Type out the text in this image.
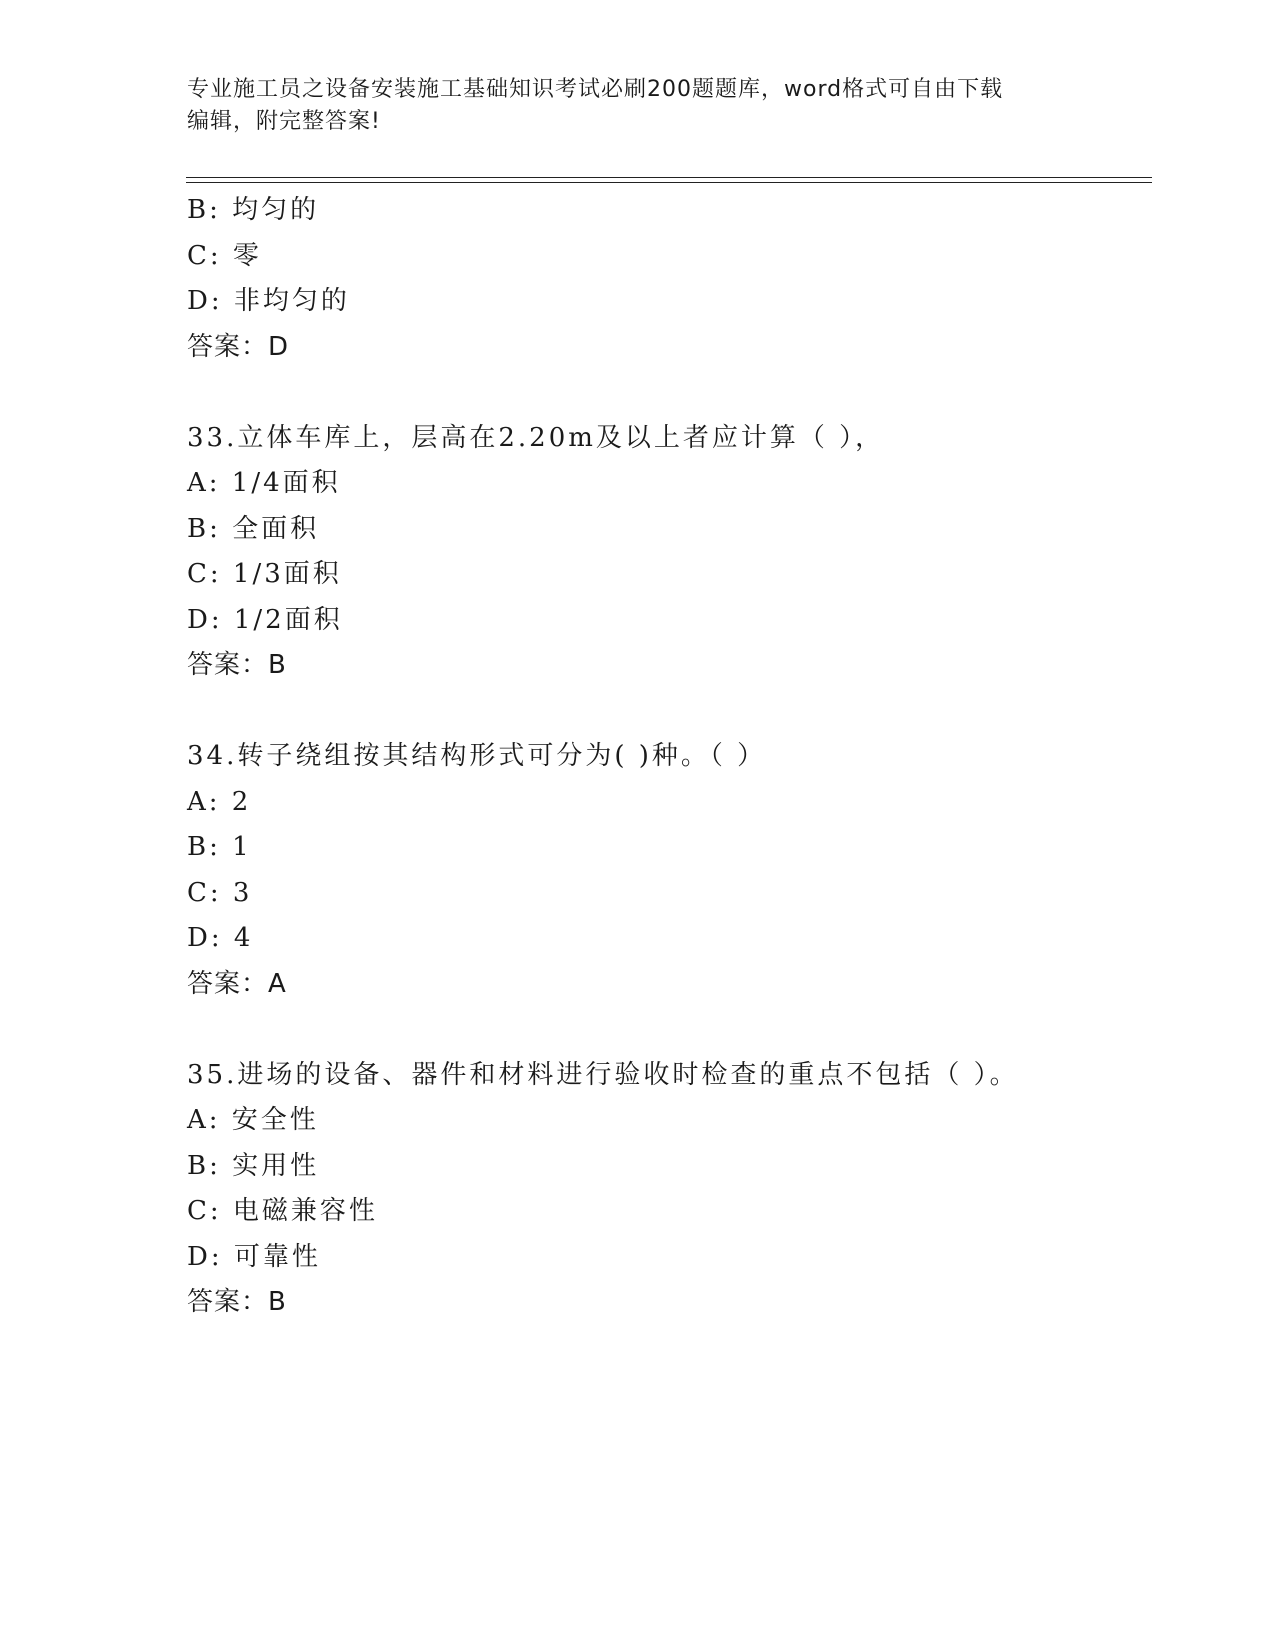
专业施工员之设备安装施工基础知识考试必刷200题题库，word格式可自由下载
编辑，附完整答案!
B: 均匀的
C: 零
D: 非均匀的
答案：D
33.立体车库上，层高在2.20m及以上者应计算（ ），
A: 1/4面积
B: 全面积
C: 1/3面积
D: 1/2面积
答案：B
34.转子绕组按其结构形式可分为( )种。（ ）
A: 2
B: 1
C: 3
D: 4
答案：A
35.进场的设备、器件和材料进行验收时检查的重点不包括（ ）。
A: 安全性
B: 实用性
C: 电磁兼容性
D: 可靠性
答案：B
